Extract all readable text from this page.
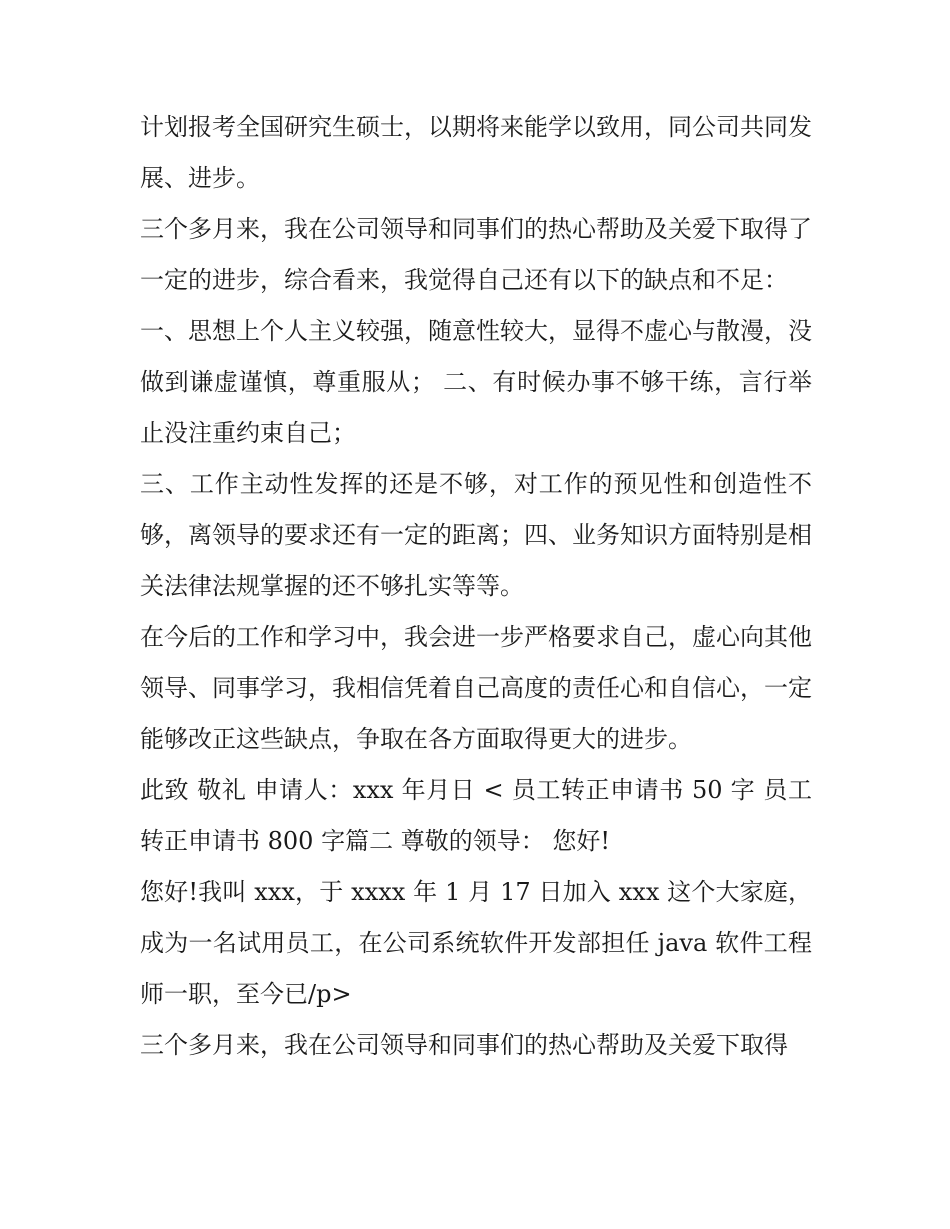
计划报考全国研究生硕士，以期将来能学以致用，同公司共同发展、进步。

三个多月来，我在公司领导和同事们的热心帮助及关爱下取得了一定的进步，综合看来，我觉得自己还有以下的缺点和不足：

一、思想上个人主义较强，随意性较大，显得不虚心与散漫，没做到谦虚谨慎，尊重服从； 二、有时候办事不够干练，言行举止没注重约束自己；

三、工作主动性发挥的还是不够，对工作的预见性和创造性不够，离领导的要求还有一定的距离；四、业务知识方面特别是相关法律法规掌握的还不够扎实等等。

在今后的工作和学习中，我会进一步严格要求自己，虚心向其他领导、同事学习，我相信凭着自己高度的责任心和自信心，一定能够改正这些缺点，争取在各方面取得更大的进步。

此致 敬礼 申请人：xxx 年月日 < 员工转正申请书 50 字 员工转正申请书 800 字篇二 尊敬的领导： 您好!

您好!我叫 xxx，于 xxxx 年 1 月 17 日加入 xxx 这个大家庭，成为一名试用员工，在公司系统软件开发部担任 java 软件工程师一职，至今已/p>

三个多月来，我在公司领导和同事们的热心帮助及关爱下取得
